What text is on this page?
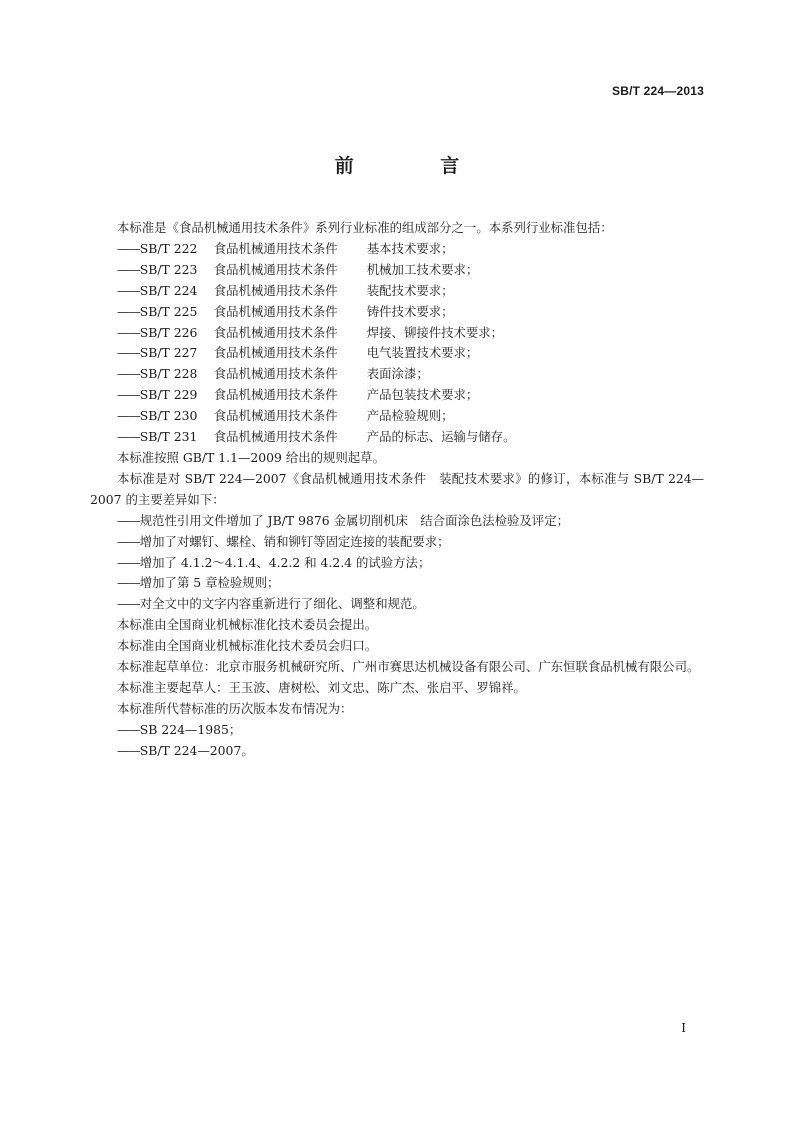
SB/T 224—2013
前 言

本标准是《食品机械通用技术条件》系列行业标准的组成部分之一。本系列行业标准包括：

——SB/T 222 食品机械通用技术条件 基本技术要求；

——SB/T 223 食品机械通用技术条件 机械加工技术要求；

——SB/T 224 食品机械通用技术条件 装配技术要求；

——SB/T 225 食品机械通用技术条件 铸件技术要求；

——SB/T 226 食品机械通用技术条件 焊接、铆接件技术要求；

——SB/T 227 食品机械通用技术条件 电气装置技术要求；

——SB/T 228 食品机械通用技术条件 表面涂漆；

——SB/T 229 食品机械通用技术条件 产品包装技术要求；

——SB/T 230 食品机械通用技术条件 产品检验规则；

——SB/T 231 食品机械通用技术条件 产品的标志、运输与储存。

本标准按照 GB/T 1.1—2009 给出的规则起草。

本标准是对 SB/T 224—2007《食品机械通用技术条件　装配技术要求》的修订，本标准与 SB/T 224—2007 的主要差异如下：

——规范性引用文件增加了 JB/T 9876 金属切削机床　结合面涂色法检验及评定；

——增加了对螺钉、螺栓、销和铆钉等固定连接的装配要求；

——增加了 4.1.2～4.1.4、4.2.2 和 4.2.4 的试验方法；

——增加了第 5 章检验规则；

——对全文中的文字内容重新进行了细化、调整和规范。

本标准由全国商业机械标准化技术委员会提出。

本标准由全国商业机械标准化技术委员会归口。

本标准起草单位：北京市服务机械研究所、广州市赛思达机械设备有限公司、广东恒联食品机械有限公司。

本标准主要起草人：王玉波、唐树松、刘文忠、陈广杰、张启平、罗锦祥。

本标准所代替标准的历次版本发布情况为：

——SB 224—1985；

——SB/T 224—2007。

I
